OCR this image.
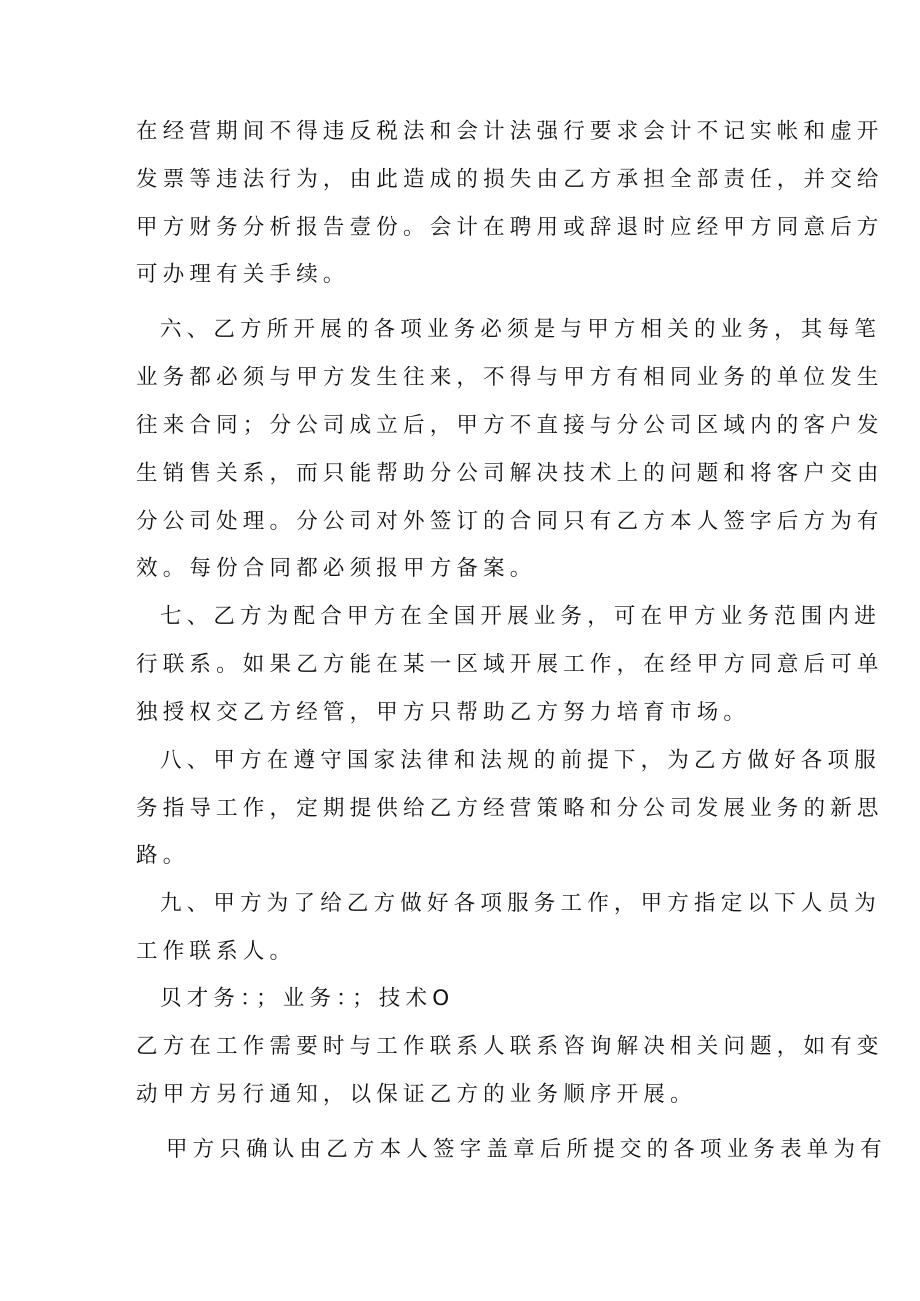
在经营期间不得违反税法和会计法强行要求会计不记实帐和虚开
发票等违法行为，由此造成的损失由乙方承担全部责任，并交给
甲方财务分析报告壹份。会计在聘用或辞退时应经甲方同意后方
可办理有关手续。
六、乙方所开展的各项业务必须是与甲方相关的业务，其每笔
业务都必须与甲方发生往来，不得与甲方有相同业务的单位发生
往来合同；分公司成立后，甲方不直接与分公司区域内的客户发
生销售关系，而只能帮助分公司解决技术上的问题和将客户交由
分公司处理。分公司对外签订的合同只有乙方本人签字后方为有
效。每份合同都必须报甲方备案。
七、乙方为配合甲方在全国开展业务，可在甲方业务范围内进
行联系。如果乙方能在某一区域开展工作，在经甲方同意后可单
独授权交乙方经管，甲方只帮助乙方努力培育市场。
八、甲方在遵守国家法律和法规的前提下，为乙方做好各项服
务指导工作，定期提供给乙方经营策略和分公司发展业务的新思
路。
九、甲方为了给乙方做好各项服务工作，甲方指定以下人员为
工作联系人。
贝才务：；业务：；技术O
乙方在工作需要时与工作联系人联系咨询解决相关问题，如有变
动甲方另行通知，以保证乙方的业务顺序开展。
甲方只确认由乙方本人签字盖章后所提交的各项业务表单为有
